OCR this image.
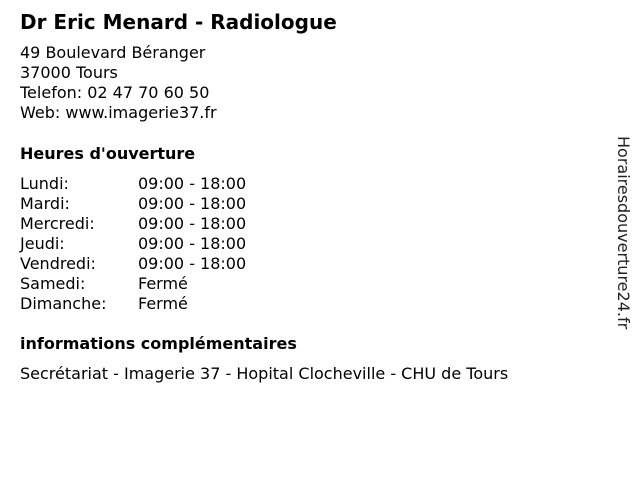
Dr Eric Menard - Radiologue
49 Boulevard Béranger
37000 Tours
Telefon: 02 47 70 60 50
Web: www.imagerie37.fr
Heures d'ouverture
Lundi:	09:00 - 18:00
Mardi:	09:00 - 18:00
Mercredi:	09:00 - 18:00
Jeudi:	09:00 - 18:00
Vendredi:	09:00 - 18:00
Samedi:	Fermé
Dimanche: Fermé
informations complémentaires
Secrétariat - Imagerie 37 - Hopital Clocheville - CHU de Tours
Horairesdouverture24.fr
